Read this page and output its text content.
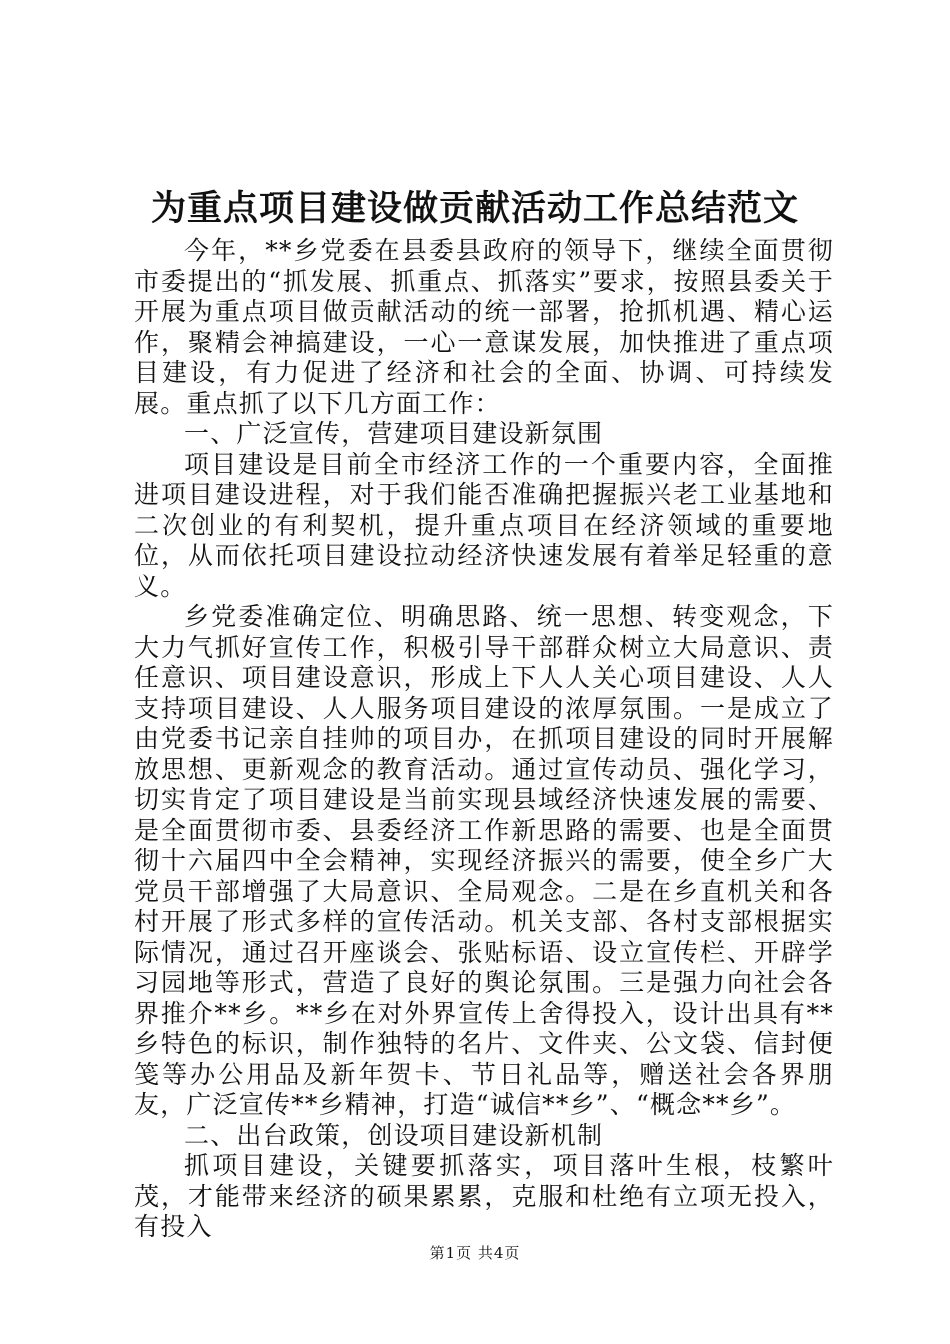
为重点项目建设做贡献活动工作总结范文

今年，**乡党委在县委县政府的领导下，继续全面贯彻市委提出的“抓发展、抓重点、抓落实”要求，按照县委关于开展为重点项目做贡献活动的统一部署，抢抓机遇、精心运作，聚精会神搞建设，一心一意谋发展，加快推进了重点项目建设，有力促进了经济和社会的全面、协调、可持续发展。重点抓了以下几方面工作：

一、广泛宣传，营建项目建设新氛围

项目建设是目前全市经济工作的一个重要内容，全面推进项目建设进程，对于我们能否准确把握振兴老工业基地和二次创业的有利契机，提升重点项目在经济领域的重要地位，从而依托项目建设拉动经济快速发展有着举足轻重的意义。

乡党委准确定位、明确思路、统一思想、转变观念，下大力气抓好宣传工作，积极引导干部群众树立大局意识、责任意识、项目建设意识，形成上下人人关心项目建设、人人支持项目建设、人人服务项目建设的浓厚氛围。一是成立了由党委书记亲自挂帅的项目办，在抓项目建设的同时开展解放思想、更新观念的教育活动。通过宣传动员、强化学习，切实肯定了项目建设是当前实现县域经济快速发展的需要、是全面贯彻市委、县委经济工作新思路的需要、也是全面贯彻十六届四中全会精神，实现经济振兴的需要，使全乡广大党员干部增强了大局意识、全局观念。二是在乡直机关和各村开展了形式多样的宣传活动。机关支部、各村支部根据实际情况，通过召开座谈会、张贴标语、设立宣传栏、开辟学习园地等形式，营造了良好的舆论氛围。三是强力向社会各界推介**乡。**乡在对外界宣传上舍得投入，设计出具有**乡特色的标识，制作独特的名片、文件夹、公文袋、信封便笺等办公用品及新年贺卡、节日礼品等，赠送社会各界朋友，广泛宣传**乡精神，打造“诚信**乡”、“概念**乡”。

二、出台政策，创设项目建设新机制

抓项目建设，关键要抓落实，项目落叶生根，枝繁叶茂，才能带来经济的硕果累累，克服和杜绝有立项无投入，有投入

第1页 共4页
